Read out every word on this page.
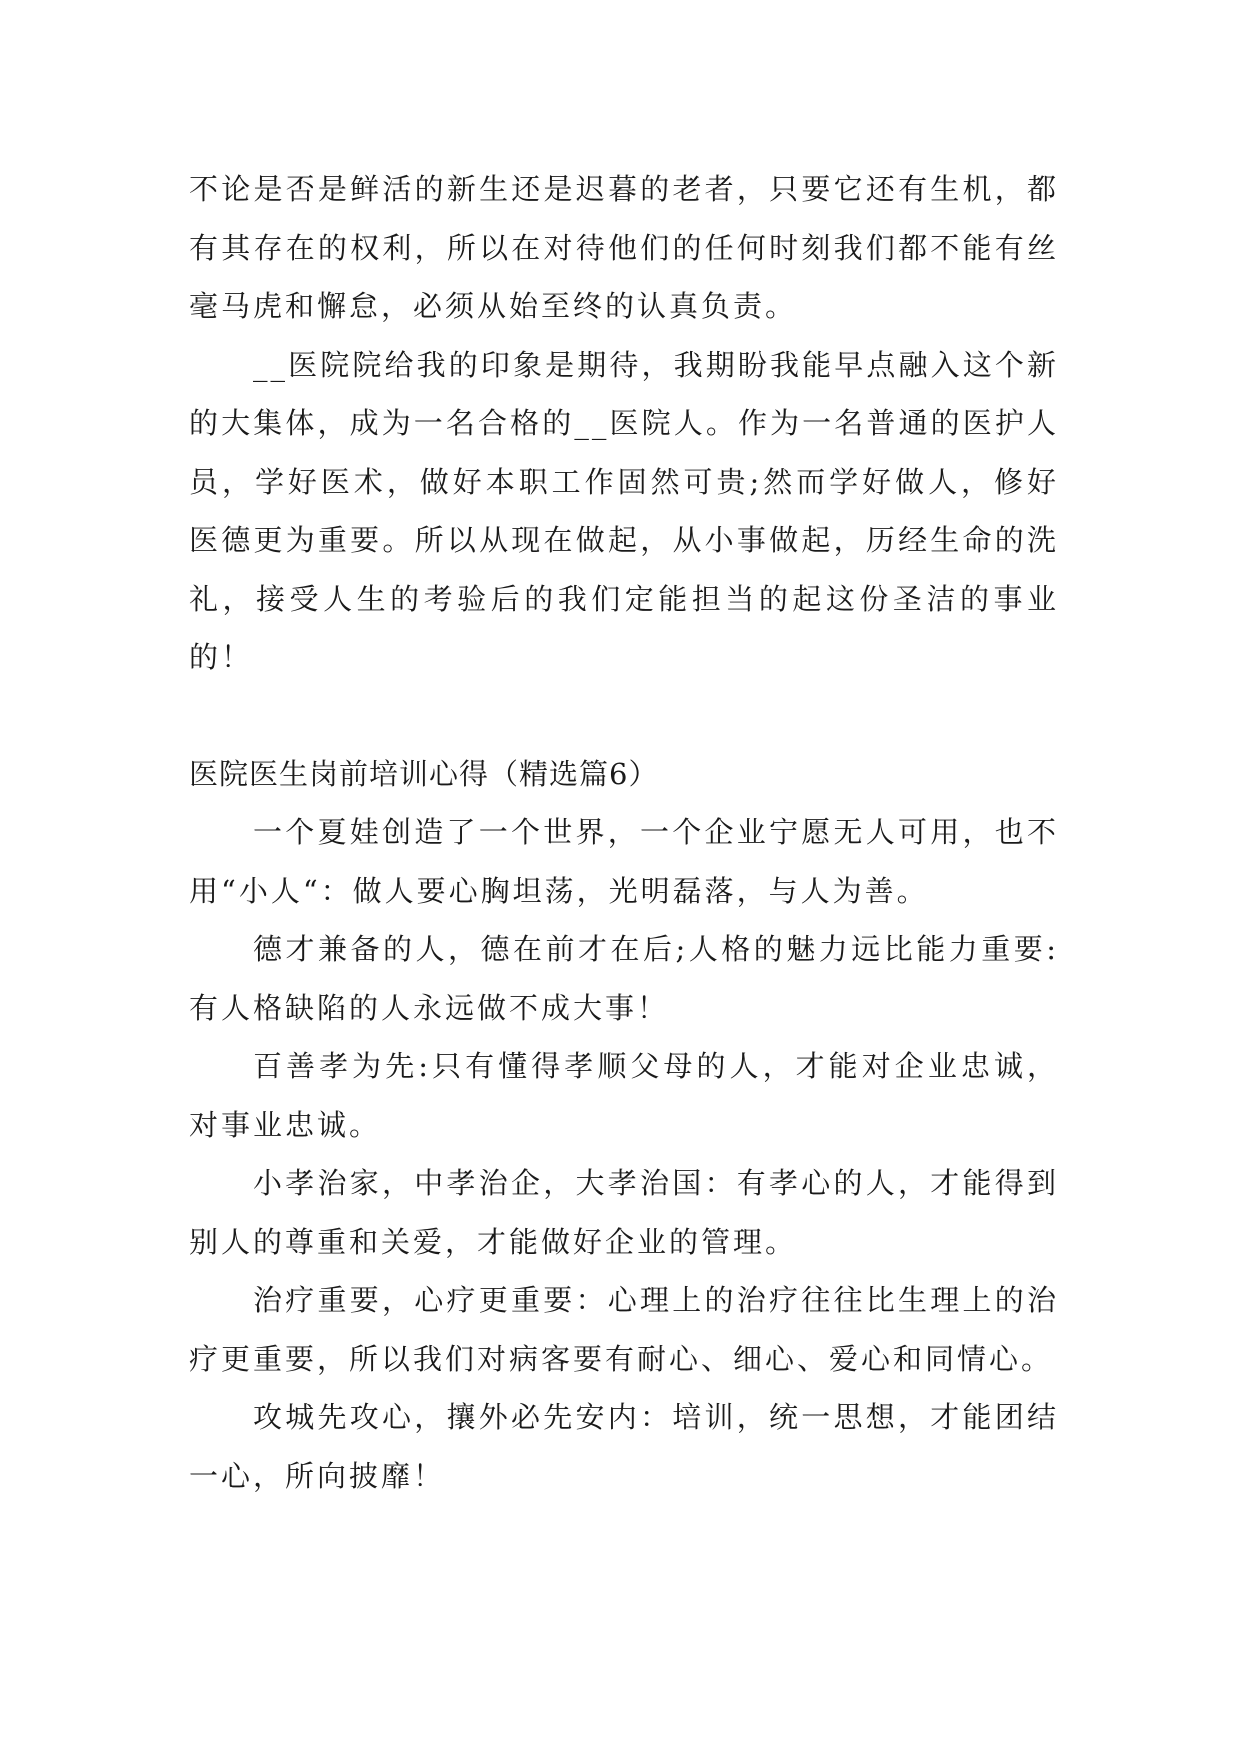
不论是否是鲜活的新生还是迟暮的老者，只要它还有生机，都有其存在的权利，所以在对待他们的任何时刻我们都不能有丝毫马虎和懈怠，必须从始至终的认真负责。

__医院院给我的印象是期待，我期盼我能早点融入这个新的大集体，成为一名合格的__医院人。作为一名普通的医护人员，学好医术，做好本职工作固然可贵;然而学好做人，修好医德更为重要。所以从现在做起，从小事做起，历经生命的洗礼，接受人生的考验后的我们定能担当的起这份圣洁的事业的！

医院医生岗前培训心得（精选篇6）

一个夏娃创造了一个世界，一个企业宁愿无人可用，也不用“小人“：做人要心胸坦荡，光明磊落，与人为善。

德才兼备的人，德在前才在后;人格的魅力远比能力重要:有人格缺陷的人永远做不成大事！

百善孝为先:只有懂得孝顺父母的人，才能对企业忠诚，对事业忠诚。

小孝治家，中孝治企，大孝治国：有孝心的人，才能得到别人的尊重和关爱，才能做好企业的管理。

治疗重要，心疗更重要：心理上的治疗往往比生理上的治疗更重要，所以我们对病客要有耐心、细心、爱心和同情心。

攻城先攻心，攘外必先安内：培训，统一思想，才能团结一心，所向披靡！
